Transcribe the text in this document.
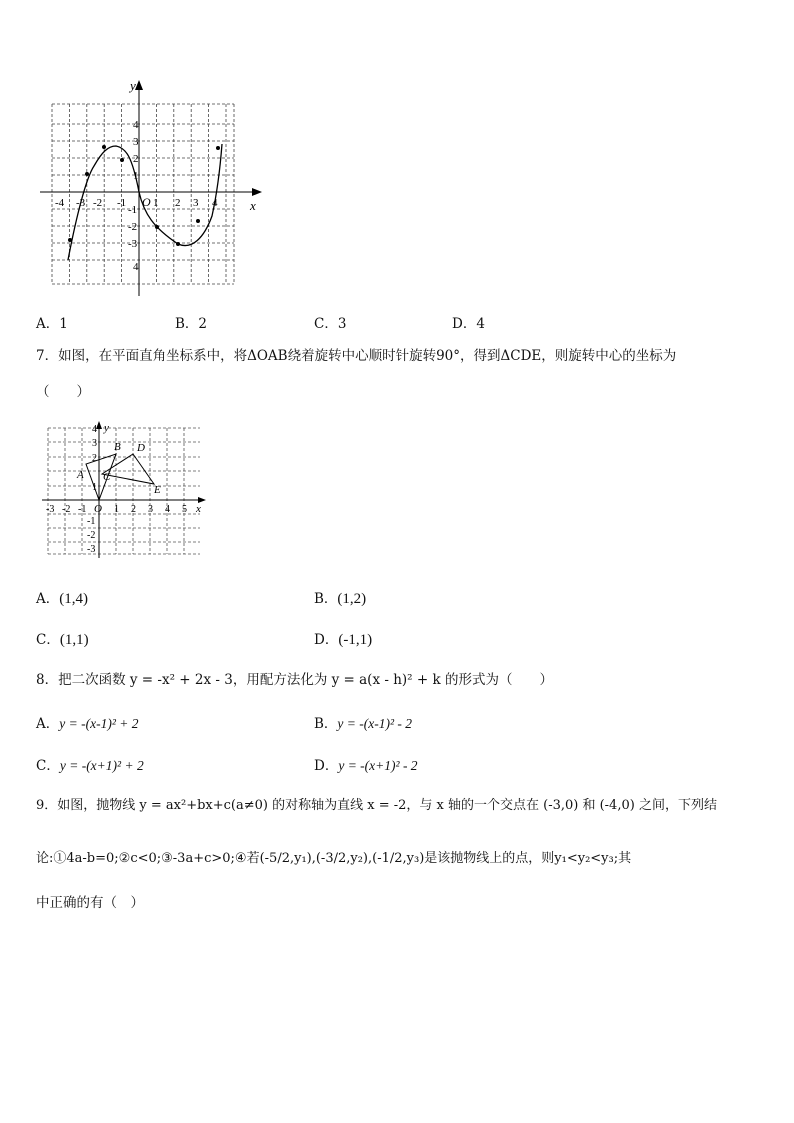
x
y
O
-4 -3 -2 -1 1 2 3 4
4
3
2
1
-1
-2
-3
4
A．1	B．2	C．3	D．4
7．如图，在平面直角坐标系中，将ΔOAB绕着旋转中心顺时针旋转90°，得到ΔCDE，则旋转中心的坐标为
（　　）
x
y
O
A
B
C
D
E
-3 -2 -1	1 2 3 4 5
4
3
2
1
-1
-2
-3
A．(1,4)	B．(1,2)
C．(1,1)	D．(-1,1)
8．把二次函数 y = -x² + 2x - 3，用配方法化为 y = a(x - h)² + k 的形式为（　　）
A．y = -(x-1)² + 2	B．y = -(x-1)² - 2
C．y = -(x+1)² + 2	D．y = -(x+1)² - 2
9．如图，抛物线 y = ax²+bx+c(a≠0) 的对称轴为直线 x = -2，与 x 轴的一个交点在 (-3,0) 和 (-4,0) 之间，下列结
论:①4a-b=0;②c<0;③-3a+c>0;④若(-5/2,y₁),(-3/2,y₂),(-1/2,y₃)是该抛物线上的点，则y₁<y₂<y₃;其
中正确的有（　）
